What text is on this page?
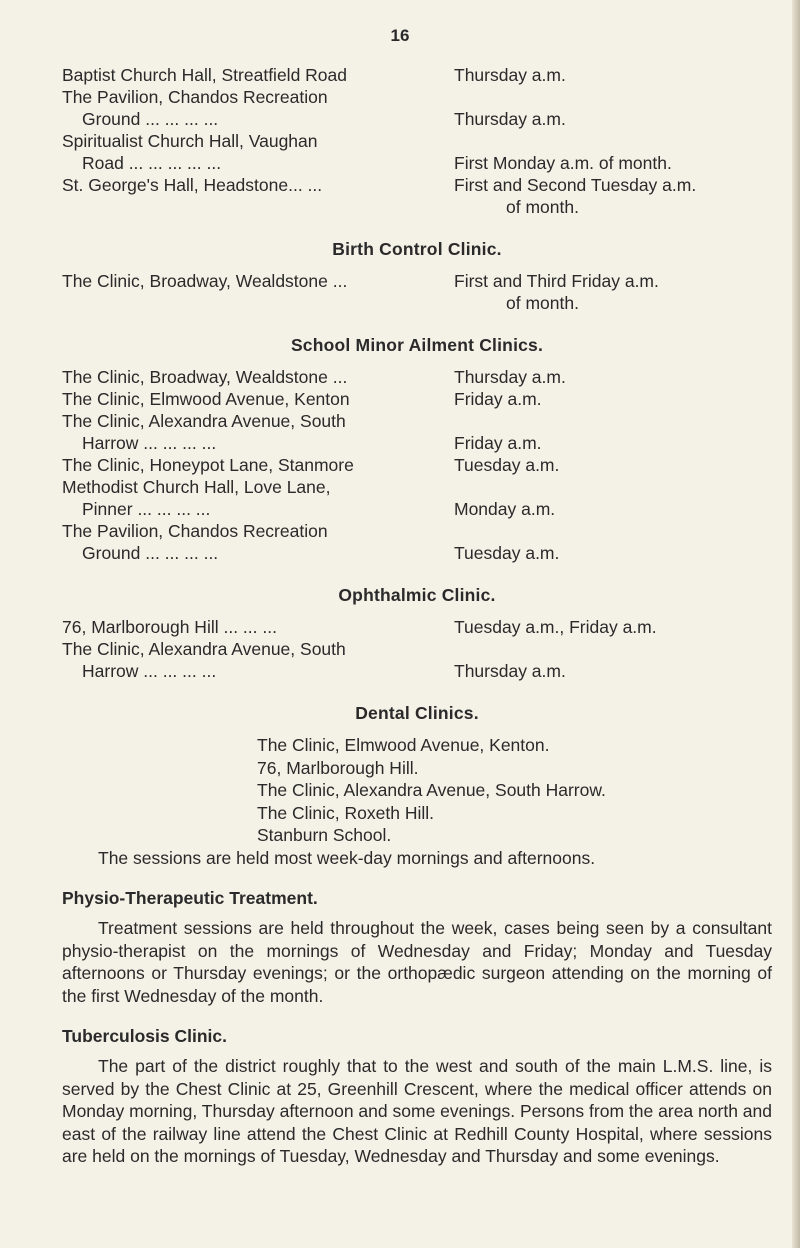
16
Baptist Church Hall, Streatfield Road	Thursday a.m.
The Pavilion, Chandos Recreation
Ground ... ... ... ...	Thursday a.m.
Spiritualist Church Hall, Vaughan
Road ... ... ... ... ...	First Monday a.m. of month.
St. George's Hall, Headstone... ...	First and Second Tuesday a.m.
of month.
Birth Control Clinic.
The Clinic, Broadway, Wealdstone ...	First and Third Friday a.m.
of month.
School Minor Ailment Clinics.
The Clinic, Broadway, Wealdstone ...	Thursday a.m.
The Clinic, Elmwood Avenue, Kenton	Friday a.m.
The Clinic, Alexandra Avenue, South
Harrow ... ... ... ...	Friday a.m.
The Clinic, Honeypot Lane, Stanmore	Tuesday a.m.
Methodist Church Hall, Love Lane,
Pinner ... ... ... ...	Monday a.m.
The Pavilion, Chandos Recreation
Ground ... ... ... ...	Tuesday a.m.
Ophthalmic Clinic.
76, Marlborough Hill ... ... ...	Tuesday a.m., Friday a.m.
The Clinic, Alexandra Avenue, South
Harrow ... ... ... ...	Thursday a.m.
Dental Clinics.
The Clinic, Elmwood Avenue, Kenton.
76, Marlborough Hill.
The Clinic, Alexandra Avenue, South Harrow.
The Clinic, Roxeth Hill.
Stanburn School.
The sessions are held most week-day mornings and afternoons.
Physio-Therapeutic Treatment.
Treatment sessions are held throughout the week, cases being seen by a consultant physio-therapist on the mornings of Wednesday and Friday; Monday and Tuesday afternoons or Thursday evenings; or the orthopædic surgeon attending on the morning of the first Wednesday of the month.
Tuberculosis Clinic.
The part of the district roughly that to the west and south of the main L.M.S. line, is served by the Chest Clinic at 25, Greenhill Crescent, where the medical officer attends on Monday morning, Thursday afternoon and some evenings. Persons from the area north and east of the railway line attend the Chest Clinic at Redhill County Hospital, where sessions are held on the mornings of Tuesday, Wednesday and Thursday and some evenings.
